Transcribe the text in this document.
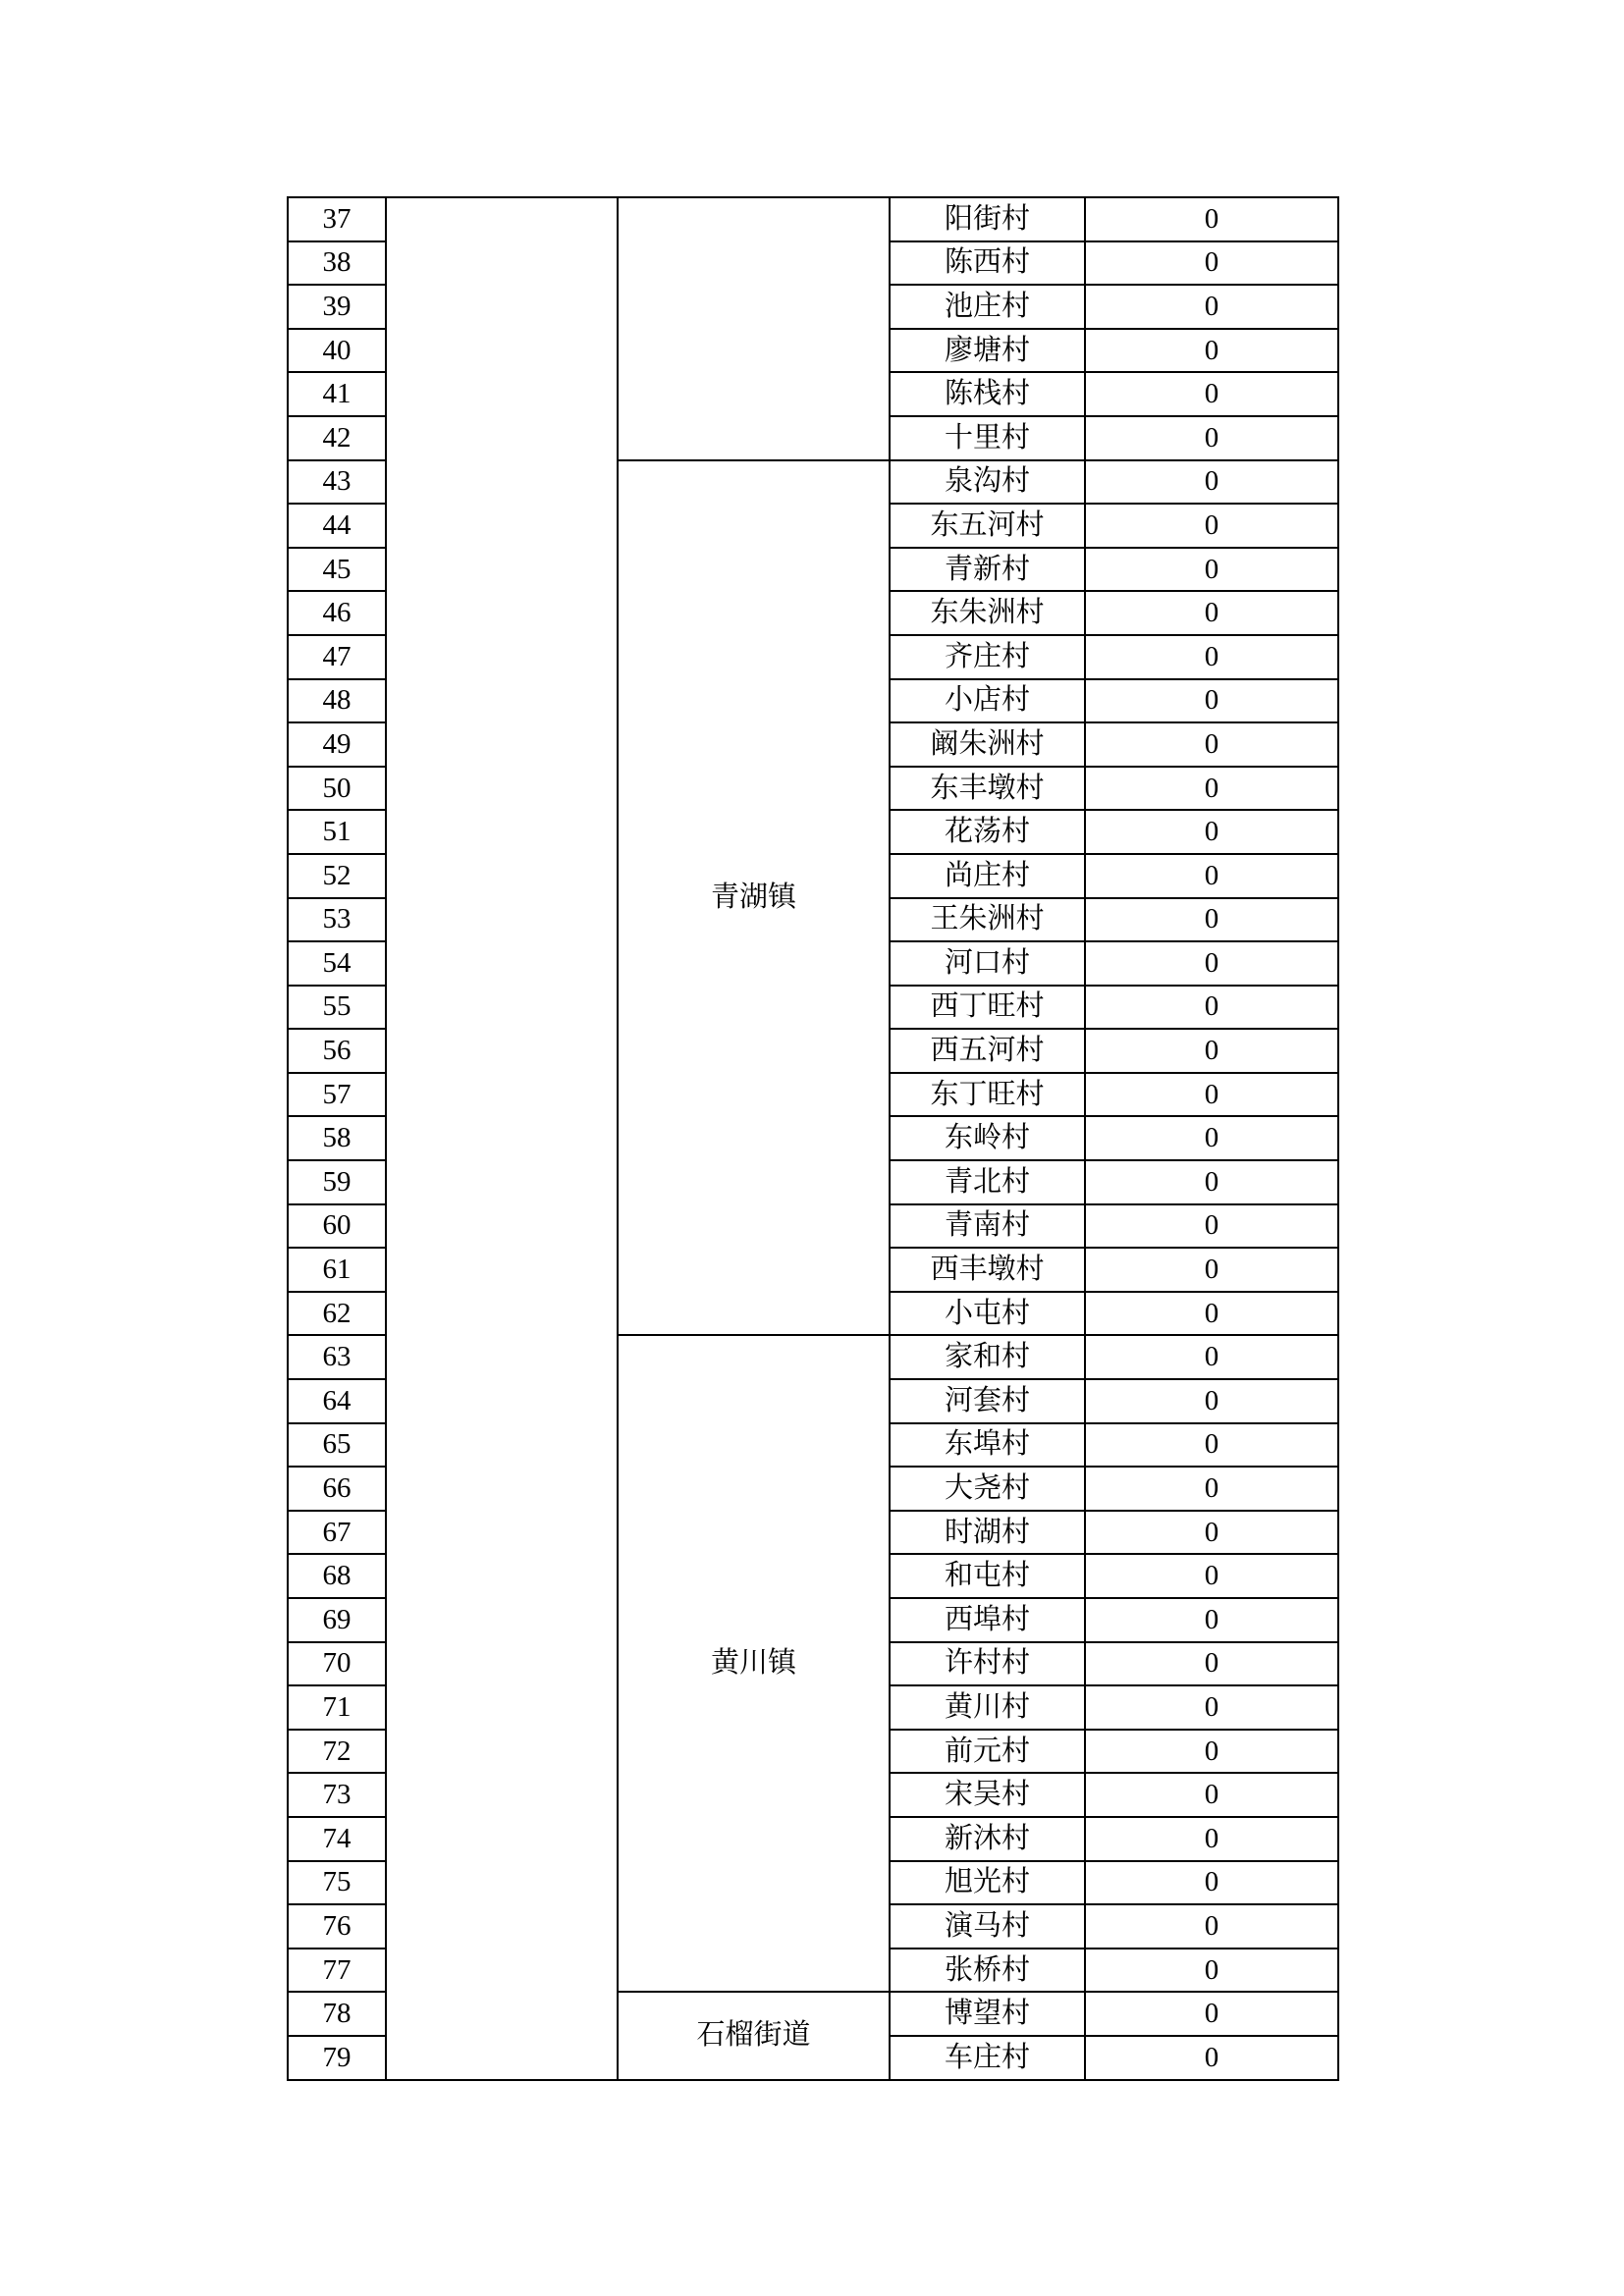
37			阳街村	0
38			陈西村	0
39			池庄村	0
40			廖塘村	0
41			陈栈村	0
42			十里村	0
43		青湖镇	泉沟村	0
44			东五河村	0
45			青新村	0
46			东朱洲村	0
47			齐庄村	0
48			小店村	0
49			阚朱洲村	0
50			东丰墩村	0
51			花荡村	0
52			尚庄村	0
53			王朱洲村	0
54			河口村	0
55			西丁旺村	0
56			西五河村	0
57			东丁旺村	0
58			东岭村	0
59			青北村	0
60			青南村	0
61			西丰墩村	0
62			小屯村	0
63		黄川镇	家和村	0
64			河套村	0
65			东埠村	0
66			大尧村	0
67			时湖村	0
68			和屯村	0
69			西埠村	0
70			许村村	0
71			黄川村	0
72			前元村	0
73			宋吴村	0
74			新沐村	0
75			旭光村	0
76			演马村	0
77			张桥村	0
78		石榴街道	博望村	0
79			车庄村	0
